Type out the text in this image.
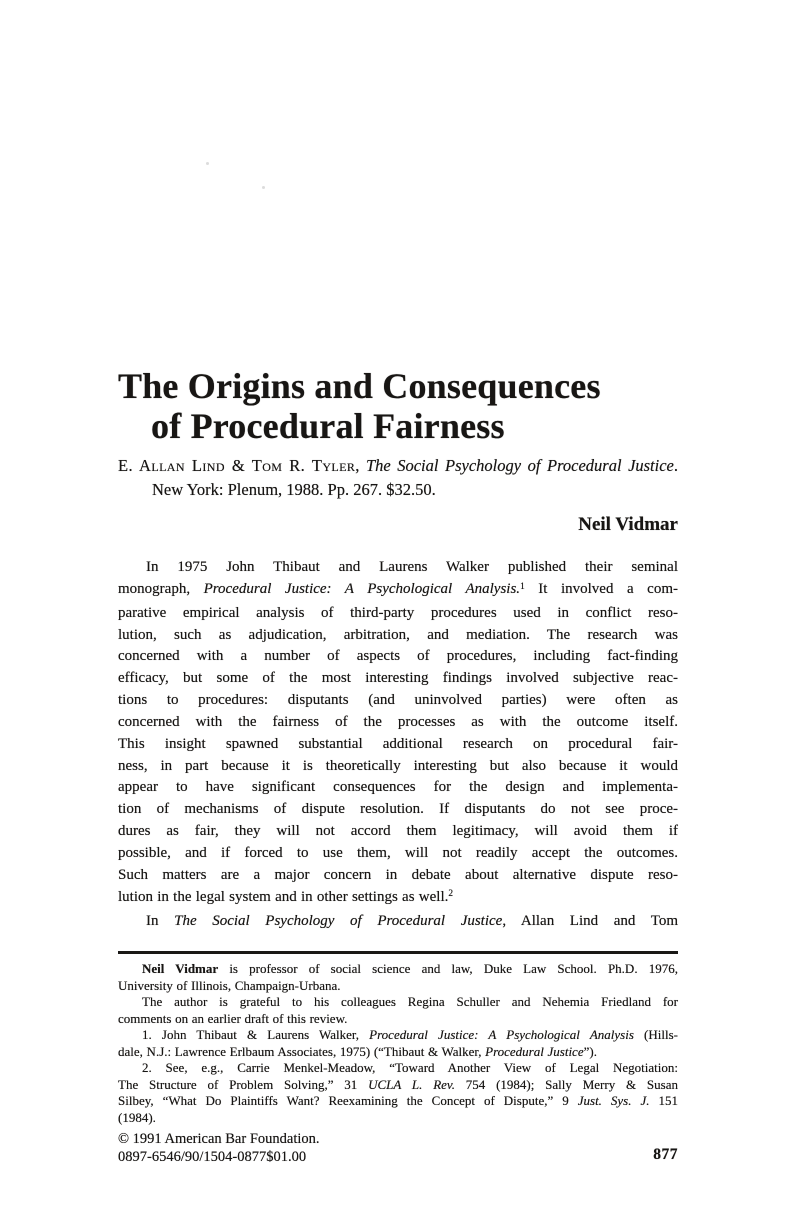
The Origins and Consequences
of Procedural Fairness
E. Allan Lind & Tom R. Tyler, The Social Psychology of Procedural Justice.
New York: Plenum, 1988. Pp. 267. $32.50.
Neil Vidmar
In 1975 John Thibaut and Laurens Walker published their seminal
monograph, Procedural Justice: A Psychological Analysis.$^1$ It involved a com-
parative empirical analysis of third-party procedures used in conflict reso-
lution, such as adjudication, arbitration, and mediation. The research was
concerned with a number of aspects of procedures, including fact-finding
efficacy, but some of the most interesting findings involved subjective reac-
tions to procedures: disputants (and uninvolved parties) were often as
concerned with the fairness of the processes as with the outcome itself.
This insight spawned substantial additional research on procedural fair-
ness, in part because it is theoretically interesting but also because it would
appear to have significant consequences for the design and implementa-
tion of mechanisms of dispute resolution. If disputants do not see proce-
dures as fair, they will not accord them legitimacy, will avoid them if
possible, and if forced to use them, will not readily accept the outcomes.
Such matters are a major concern in debate about alternative dispute reso-
lution in the legal system and in other settings as well.$^2$
In The Social Psychology of Procedural Justice, Allan Lind and Tom
Neil Vidmar is professor of social science and law, Duke Law School. Ph.D. 1976,
University of Illinois, Champaign-Urbana.
The author is grateful to his colleagues Regina Schuller and Nehemia Friedland for
comments on an earlier draft of this review.
1. John Thibaut & Laurens Walker, Procedural Justice: A Psychological Analysis (Hills-
dale, N.J.: Lawrence Erlbaum Associates, 1975) (“Thibaut & Walker, Procedural Justice”).
2. See, e.g., Carrie Menkel-Meadow, “Toward Another View of Legal Negotiation:
The Structure of Problem Solving,” 31 UCLA L. Rev. 754 (1984); Sally Merry & Susan
Silbey, “What Do Plaintiffs Want? Reexamining the Concept of Dispute,” 9 Just. Sys. J. 151
(1984).
© 1991 American Bar Foundation.
0897-6546/90/1504-0877$01.00	877
